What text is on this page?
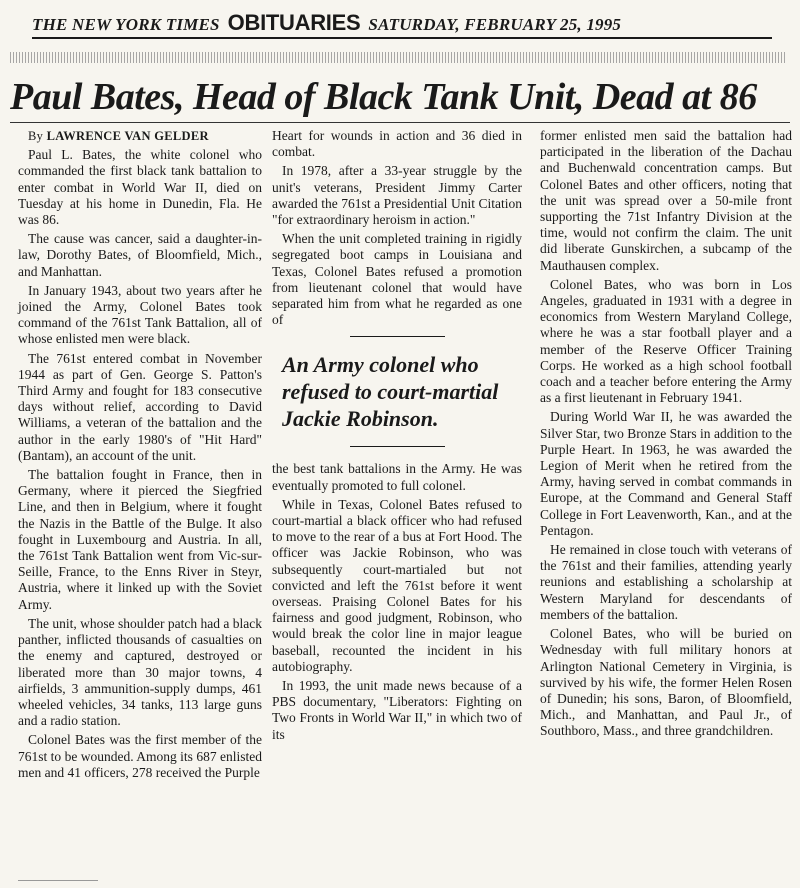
THE NEW YORK TIMES OBITUARIES SATURDAY, FEBRUARY 25, 1995
Paul Bates, Head of Black Tank Unit, Dead at 86

By LAWRENCE VAN GELDER

Paul L. Bates, the white colonel who commanded the first black tank battalion to enter combat in World War II, died on Tuesday at his home in Dunedin, Fla. He was 86.

The cause was cancer, said a daughter-in-law, Dorothy Bates, of Bloomfield, Mich., and Manhattan.

In January 1943, about two years after he joined the Army, Colonel Bates took command of the 761st Tank Battalion, all of whose enlisted men were black.

The 761st entered combat in November 1944 as part of Gen. George S. Patton's Third Army and fought for 183 consecutive days without relief, according to David Williams, a veteran of the battalion and the author in the early 1980's of "Hit Hard" (Bantam), an account of the unit.

The battalion fought in France, then in Germany, where it pierced the Siegfried Line, and then in Belgium, where it fought the Nazis in the Battle of the Bulge. It also fought in Luxembourg and Austria. In all, the 761st Tank Battalion went from Vic-sur-Seille, France, to the Enns River in Steyr, Austria, where it linked up with the Soviet Army.

The unit, whose shoulder patch had a black panther, inflicted thousands of casualties on the enemy and captured, destroyed or liberated more than 30 major towns, 4 airfields, 3 ammunition-supply dumps, 461 wheeled vehicles, 34 tanks, 113 large guns and a radio station.

Colonel Bates was the first member of the 761st to be wounded. Among its 687 enlisted men and 41 officers, 278 received the Purple

Heart for wounds in action and 36 died in combat.

In 1978, after a 33-year struggle by the unit's veterans, President Jimmy Carter awarded the 761st a Presidential Unit Citation "for extraordinary heroism in action."

When the unit completed training in rigidly segregated boot camps in Louisiana and Texas, Colonel Bates refused a promotion from lieutenant colonel that would have separated him from what he regarded as one of

An Army colonel who refused to court-martial Jackie Robinson.

the best tank battalions in the Army. He was eventually promoted to full colonel.

While in Texas, Colonel Bates refused to court-martial a black officer who had refused to move to the rear of a bus at Fort Hood. The officer was Jackie Robinson, who was subsequently court-martialed but not convicted and left the 761st before it went overseas. Praising Colonel Bates for his fairness and good judgment, Robinson, who would break the color line in major league baseball, recounted the incident in his autobiography.

In 1993, the unit made news because of a PBS documentary, "Liberators: Fighting on Two Fronts in World War II," in which two of its

former enlisted men said the battalion had participated in the liberation of the Dachau and Buchenwald concentration camps. But Colonel Bates and other officers, noting that the unit was spread over a 50-mile front supporting the 71st Infantry Division at the time, would not confirm the claim. The unit did liberate Gunskirchen, a subcamp of the Mauthausen complex.

Colonel Bates, who was born in Los Angeles, graduated in 1931 with a degree in economics from Western Maryland College, where he was a star football player and a member of the Reserve Officer Training Corps. He worked as a high school football coach and a teacher before entering the Army as a first lieutenant in February 1941.

During World War II, he was awarded the Silver Star, two Bronze Stars in addition to the Purple Heart. In 1963, he was awarded the Legion of Merit when he retired from the Army, having served in combat commands in Europe, at the Command and General Staff College in Fort Leavenworth, Kan., and at the Pentagon.

He remained in close touch with veterans of the 761st and their families, attending yearly reunions and establishing a scholarship at Western Maryland for descendants of members of the battalion.

Colonel Bates, who will be buried on Wednesday with full military honors at Arlington National Cemetery in Virginia, is survived by his wife, the former Helen Rosen of Dunedin; his sons, Baron, of Bloomfield, Mich., and Manhattan, and Paul Jr., of Southboro, Mass., and three grandchildren.
